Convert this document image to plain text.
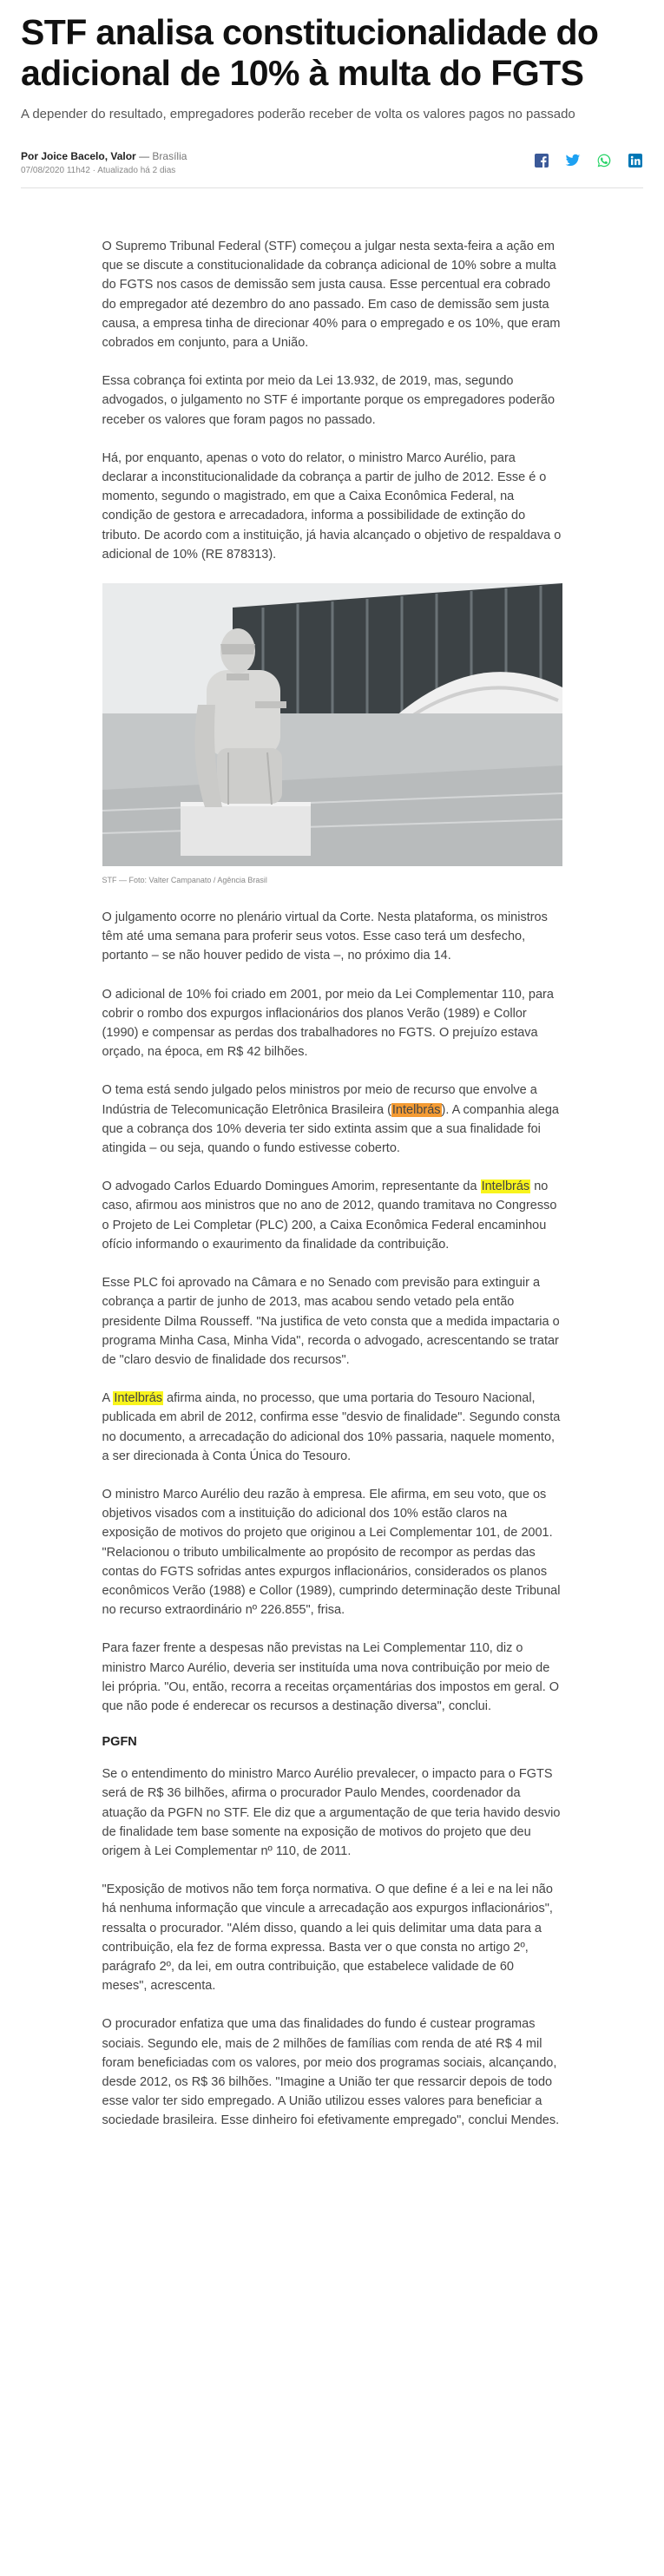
STF analisa constitucionalidade do adicional de 10% à multa do FGTS

A depender do resultado, empregadores poderão receber de volta os valores pagos no passado

Por Joice Bacelo, Valor — Brasília
07/08/2020 11h42 · Atualizado há 2 dias

O Supremo Tribunal Federal (STF) começou a julgar nesta sexta-feira a ação em que se discute a constitucionalidade da cobrança adicional de 10% sobre a multa do FGTS nos casos de demissão sem justa causa. Esse percentual era cobrado do empregador até dezembro do ano passado. Em caso de demissão sem justa causa, a empresa tinha de direcionar 40% para o empregado e os 10%, que eram cobrados em conjunto, para a União.

Essa cobrança foi extinta por meio da Lei 13.932, de 2019, mas, segundo advogados, o julgamento no STF é importante porque os empregadores poderão receber os valores que foram pagos no passado.

Há, por enquanto, apenas o voto do relator, o ministro Marco Aurélio, para declarar a inconstitucionalidade da cobrança a partir de julho de 2012. Esse é o momento, segundo o magistrado, em que a Caixa Econômica Federal, na condição de gestora e arrecadadora, informa a possibilidade de extinção do tributo. De acordo com a instituição, já havia alcançado o objetivo de respaldava o adicional de 10% (RE 878313).

STF — Foto: Valter Campanato / Agência Brasil

O julgamento ocorre no plenário virtual da Corte. Nesta plataforma, os ministros têm até uma semana para proferir seus votos. Esse caso terá um desfecho, portanto – se não houver pedido de vista –, no próximo dia 14.

O adicional de 10% foi criado em 2001, por meio da Lei Complementar 110, para cobrir o rombo dos expurgos inflacionários dos planos Verão (1989) e Collor (1990) e compensar as perdas dos trabalhadores no FGTS. O prejuízo estava orçado, na época, em R$ 42 bilhões.

O tema está sendo julgado pelos ministros por meio de recurso que envolve a Indústria de Telecomunicação Eletrônica Brasileira (Intelbrás). A companhia alega que a cobrança dos 10% deveria ter sido extinta assim que a sua finalidade foi atingida – ou seja, quando o fundo estivesse coberto.

O advogado Carlos Eduardo Domingues Amorim, representante da Intelbrás no caso, afirmou aos ministros que no ano de 2012, quando tramitava no Congresso o Projeto de Lei Completar (PLC) 200, a Caixa Econômica Federal encaminhou ofício informando o exaurimento da finalidade da contribuição.

Esse PLC foi aprovado na Câmara e no Senado com previsão para extinguir a cobrança a partir de junho de 2013, mas acabou sendo vetado pela então presidente Dilma Rousseff. "Na justifica de veto consta que a medida impactaria o programa Minha Casa, Minha Vida", recorda o advogado, acrescentando se tratar de "claro desvio de finalidade dos recursos".

A Intelbrás afirma ainda, no processo, que uma portaria do Tesouro Nacional, publicada em abril de 2012, confirma esse "desvio de finalidade". Segundo consta no documento, a arrecadação do adicional dos 10% passaria, naquele momento, a ser direcionada à Conta Única do Tesouro.

O ministro Marco Aurélio deu razão à empresa. Ele afirma, em seu voto, que os objetivos visados com a instituição do adicional dos 10% estão claros na exposição de motivos do projeto que originou a Lei Complementar 101, de 2001. "Relacionou o tributo umbilicalmente ao propósito de recompor as perdas das contas do FGTS sofridas antes expurgos inflacionários, considerados os planos econômicos Verão (1988) e Collor (1989), cumprindo determinação deste Tribunal no recurso extraordinário nº 226.855", frisa.

Para fazer frente a despesas não previstas na Lei Complementar 110, diz o ministro Marco Aurélio, deveria ser instituída uma nova contribuição por meio de lei própria. "Ou, então, recorra a receitas orçamentárias dos impostos em geral. O que não pode é enderecar os recursos a destinação diversa", conclui.

PGFN

Se o entendimento do ministro Marco Aurélio prevalecer, o impacto para o FGTS será de R$ 36 bilhões, afirma o procurador Paulo Mendes, coordenador da atuação da PGFN no STF. Ele diz que a argumentação de que teria havido desvio de finalidade tem base somente na exposição de motivos do projeto que deu origem à Lei Complementar nº 110, de 2011.

"Exposição de motivos não tem força normativa. O que define é a lei e na lei não há nenhuma informação que vincule a arrecadação aos expurgos inflacionários", ressalta o procurador. "Além disso, quando a lei quis delimitar uma data para a contribuição, ela fez de forma expressa. Basta ver o que consta no artigo 2º, parágrafo 2º, da lei, em outra contribuição, que estabelece validade de 60 meses", acrescenta.

O procurador enfatiza que uma das finalidades do fundo é custear programas sociais. Segundo ele, mais de 2 milhões de famílias com renda de até R$ 4 mil foram beneficiadas com os valores, por meio dos programas sociais, alcançando, desde 2012, os R$ 36 bilhões. "Imagine a União ter que ressarcir depois de todo esse valor ter sido empregado. A União utilizou esses valores para beneficiar a sociedade brasileira. Esse dinheiro foi efetivamente empregado", conclui Mendes.
